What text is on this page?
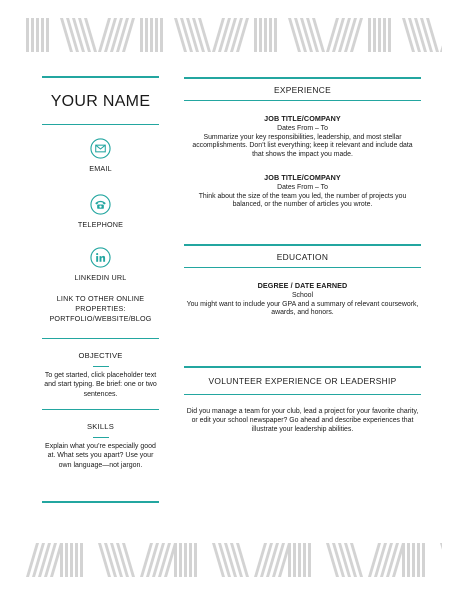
YOUR NAME
EMAIL
TELEPHONE
LINKEDIN URL
LINK TO OTHER ONLINE PROPERTIES: PORTFOLIO/WEBSITE/BLOG
OBJECTIVE
To get started, click placeholder text and start typing. Be brief: one or two sentences.
SKILLS
Explain what you’re especially good at. What sets you apart? Use your own language—not jargon.
EXPERIENCE
JOB TITLE/COMPANY
Dates From – To
Summarize your key responsibilities, leadership, and most stellar accomplishments. Don’t list everything; keep it relevant and include data that shows the impact you made.
JOB TITLE/COMPANY
Dates From – To
Think about the size of the team you led, the number of projects you balanced, or the number of articles you wrote.
EDUCATION
DEGREE / DATE EARNED
School
You might want to include your GPA and a summary of relevant coursework, awards, and honors.
VOLUNTEER EXPERIENCE OR LEADERSHIP
Did you manage a team for your club, lead a project for your favorite charity, or edit your school newspaper? Go ahead and describe experiences that illustrate your leadership abilities.
